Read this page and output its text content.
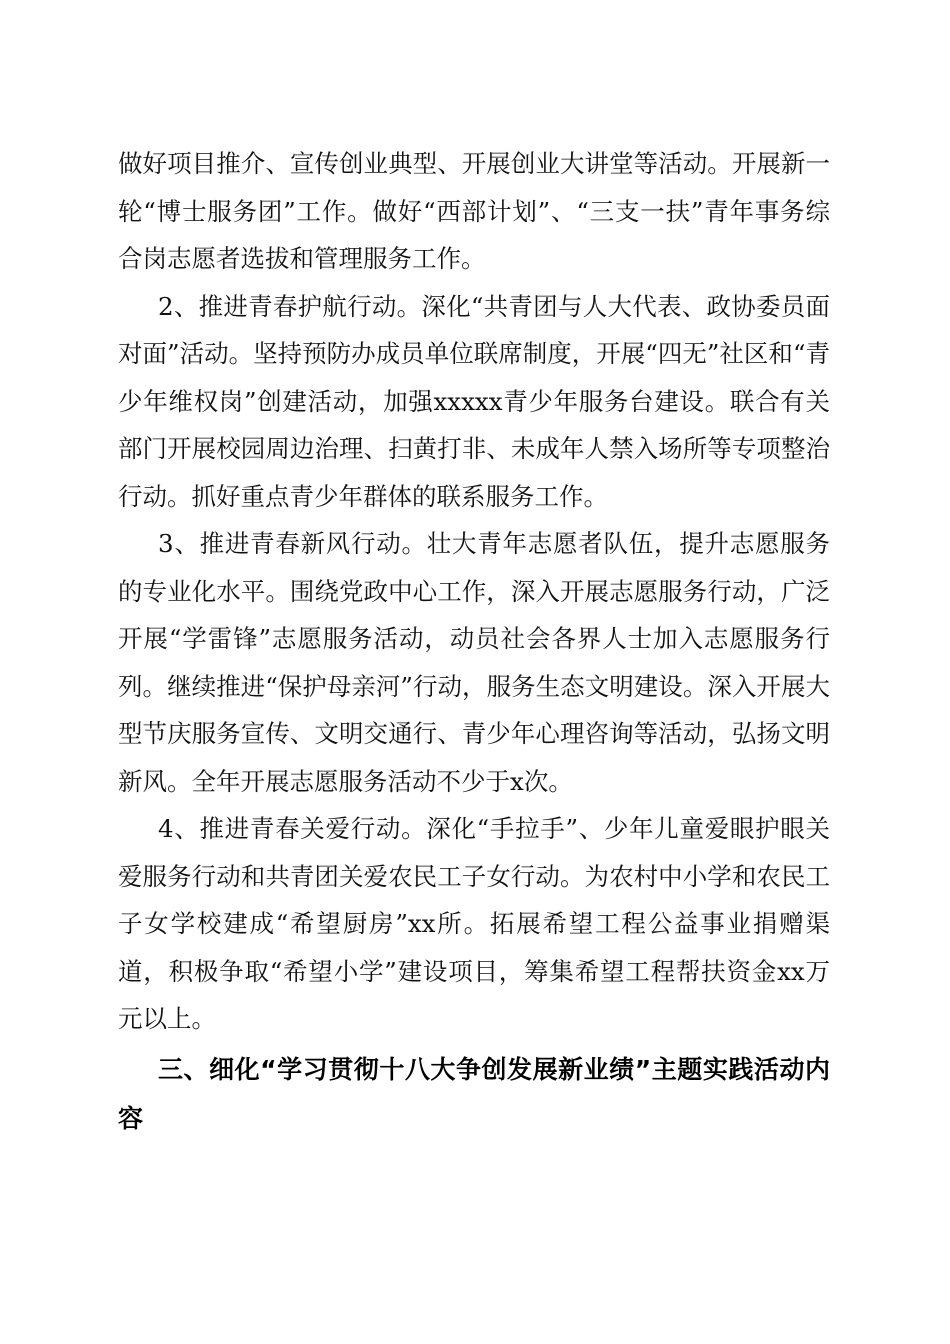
做好项目推介、宣传创业典型、开展创业大讲堂等活动。开展新一轮“博士服务团”工作。做好“西部计划”、“三支一扶”青年事务综合岗志愿者选拔和管理服务工作。

2、推进青春护航行动。深化“共青团与人大代表、政协委员面对面”活动。坚持预防办成员单位联席制度，开展“四无”社区和“青少年维权岗”创建活动，加强xxxxx青少年服务台建设。联合有关部门开展校园周边治理、扫黄打非、未成年人禁入场所等专项整治行动。抓好重点青少年群体的联系服务工作。

3、推进青春新风行动。壮大青年志愿者队伍，提升志愿服务的专业化水平。围绕党政中心工作，深入开展志愿服务行动，广泛开展“学雷锋”志愿服务活动，动员社会各界人士加入志愿服务行列。继续推进“保护母亲河”行动，服务生态文明建设。深入开展大型节庆服务宣传、文明交通行、青少年心理咨询等活动，弘扬文明新风。全年开展志愿服务活动不少于x次。

4、推进青春关爱行动。深化“手拉手”、少年儿童爱眼护眼关爱服务行动和共青团关爱农民工子女行动。为农村中小学和农民工子女学校建成“希望厨房”xx所。拓展希望工程公益事业捐赠渠道，积极争取“希望小学”建设项目，筹集希望工程帮扶资金xx万元以上。

三、细化“学习贯彻十八大争创发展新业绩”主题实践活动内容
